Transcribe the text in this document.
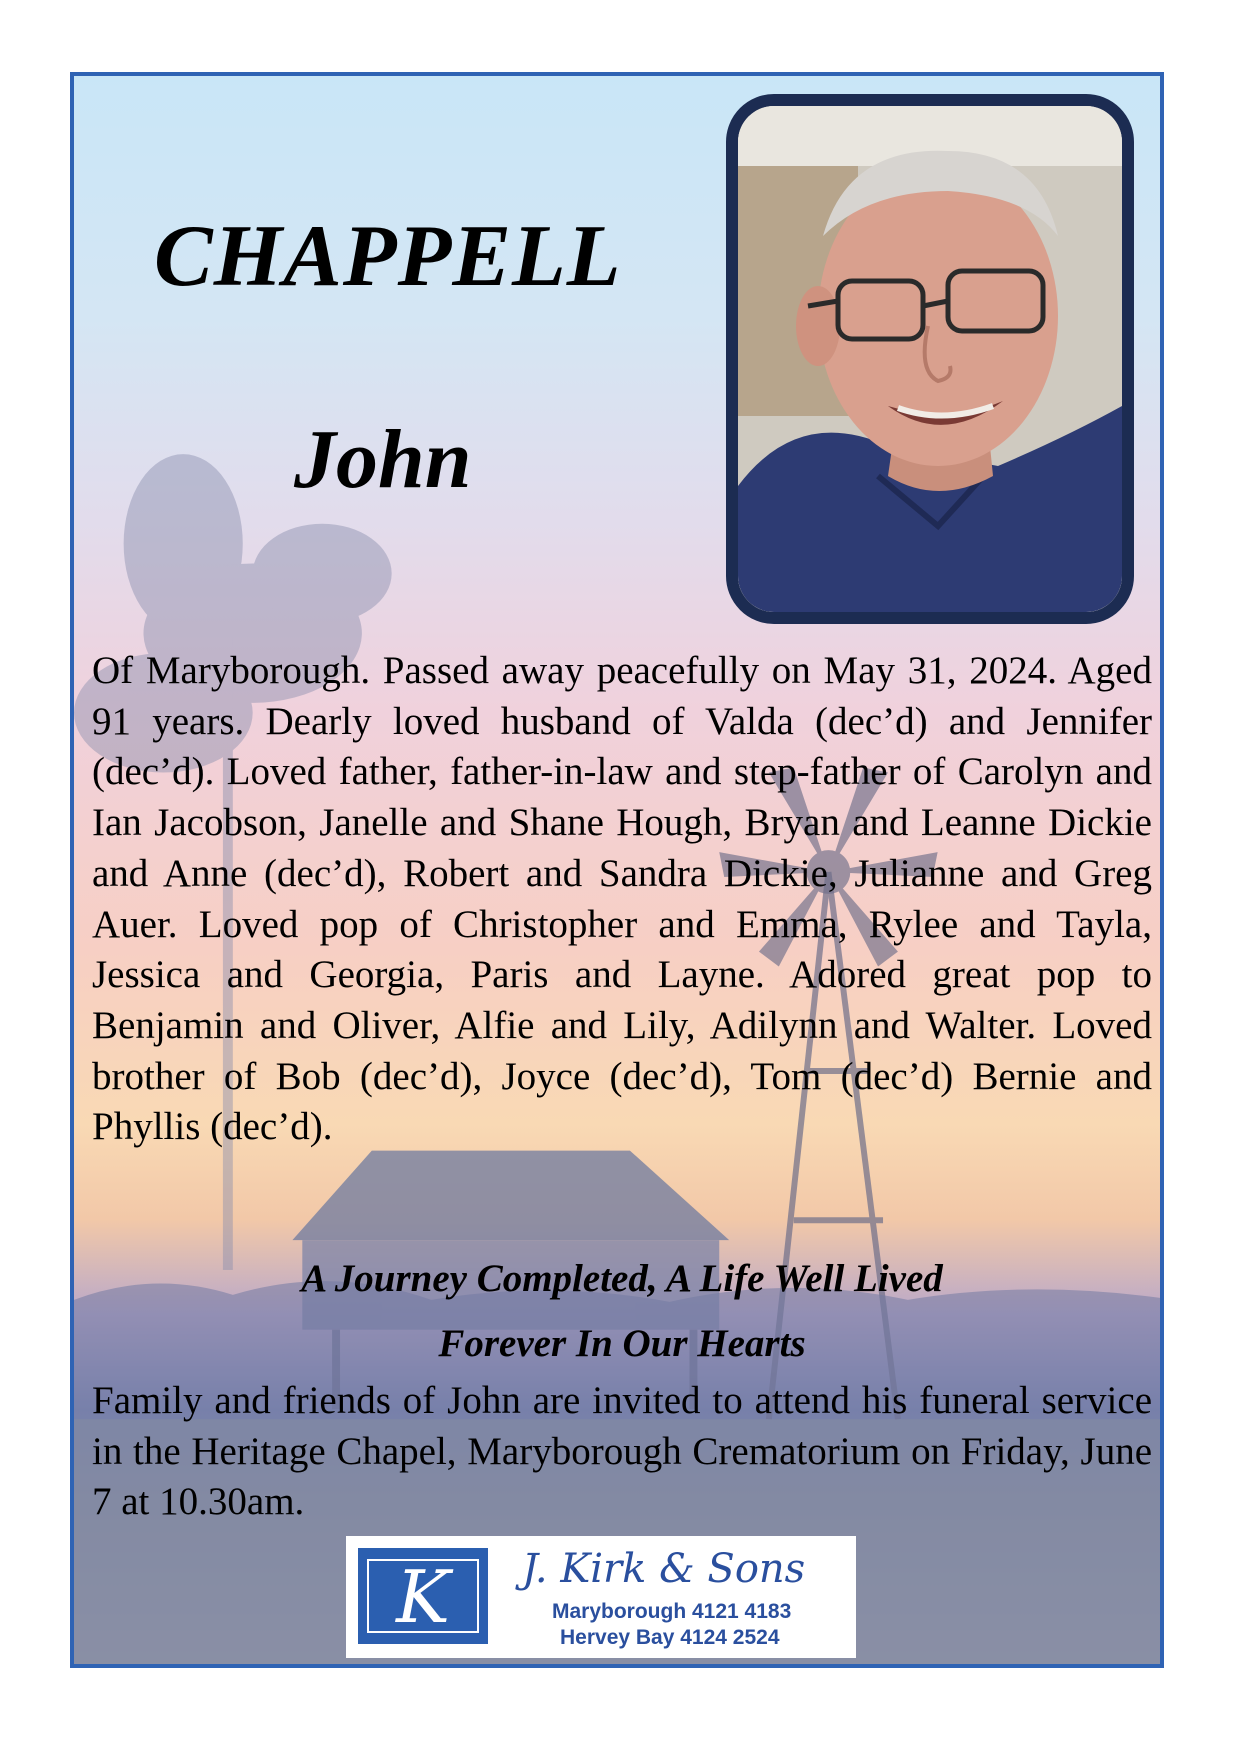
CHAPPELL
John
Of Maryborough. Passed away peacefully on May 31, 2024. Aged 91 years. Dearly loved husband of Valda (dec’d) and Jennifer (dec’d). Loved father, father-in-law and step-father of Carolyn and Ian Jacobson, Janelle and Shane Hough, Bryan and Leanne Dickie and Anne (dec’d), Robert and Sandra Dickie, Julianne and Greg Auer. Loved pop of Christopher and Emma, Rylee and Tayla, Jessica and Georgia, Paris and Layne. Adored great pop to Benjamin and Oliver, Alfie and Lily, Adilynn and Walter. Loved brother of Bob (dec’d), Joyce (dec’d), Tom (dec’d) Bernie and Phyllis (dec’d).
A Journey Completed, A Life Well Lived
Forever In Our Hearts
Family and friends of John are invited to attend his funeral service in the Heritage Chapel, Maryborough Crematorium on Friday, June 7 at 10.30am.
K J. Kirk & Sons
Maryborough 4121 4183
Hervey Bay 4124 2524
